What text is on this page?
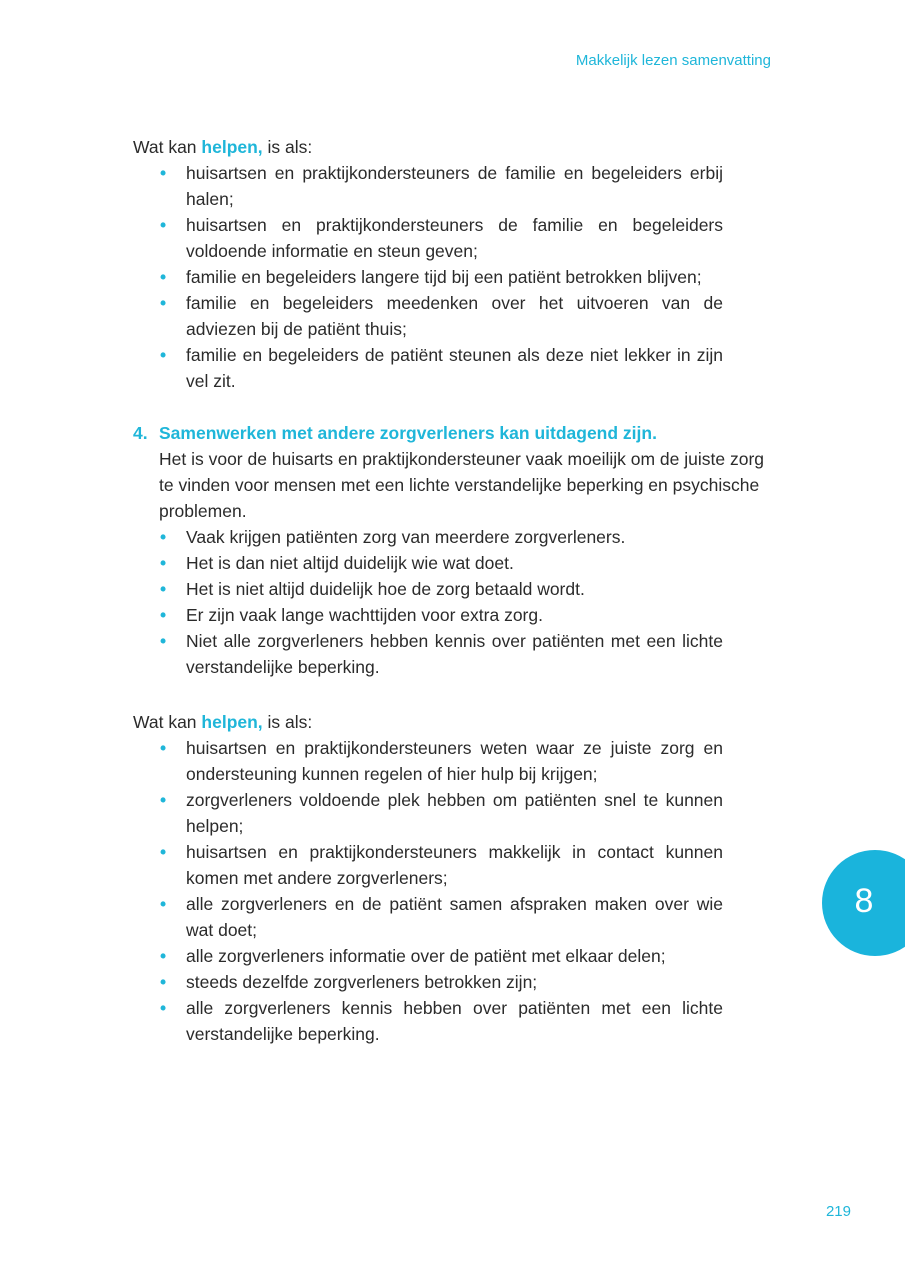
Makkelijk lezen samenvatting

Wat kan helpen, is als:

• huisartsen en praktijkondersteuners de familie en begeleiders erbij halen;
• huisartsen en praktijkondersteuners de familie en begeleiders voldoende informatie en steun geven;
• familie en begeleiders langere tijd bij een patiënt betrokken blijven;
• familie en begeleiders meedenken over het uitvoeren van de adviezen bij de patiënt thuis;
• familie en begeleiders de patiënt steunen als deze niet lekker in zijn vel zit.

4. Samenwerken met andere zorgverleners kan uitdagend zijn.

Het is voor de huisarts en praktijkondersteuner vaak moeilijk om de juiste zorg te vinden voor mensen met een lichte verstandelijke beperking en psychische problemen.

• Vaak krijgen patiënten zorg van meerdere zorgverleners.
• Het is dan niet altijd duidelijk wie wat doet.
• Het is niet altijd duidelijk hoe de zorg betaald wordt.
• Er zijn vaak lange wachttijden voor extra zorg.
• Niet alle zorgverleners hebben kennis over patiënten met een lichte verstandelijke beperking.

Wat kan helpen, is als:

• huisartsen en praktijkondersteuners weten waar ze juiste zorg en ondersteuning kunnen regelen of hier hulp bij krijgen;
• zorgverleners voldoende plek hebben om patiënten snel te kunnen helpen;
• huisartsen en praktijkondersteuners makkelijk in contact kunnen komen met andere zorgverleners;
• alle zorgverleners en de patiënt samen afspraken maken over wie wat doet;
• alle zorgverleners informatie over de patiënt met elkaar delen;
• steeds dezelfde zorgverleners betrokken zijn;
• alle zorgverleners kennis hebben over patiënten met een lichte verstandelijke beperking.
8
219
